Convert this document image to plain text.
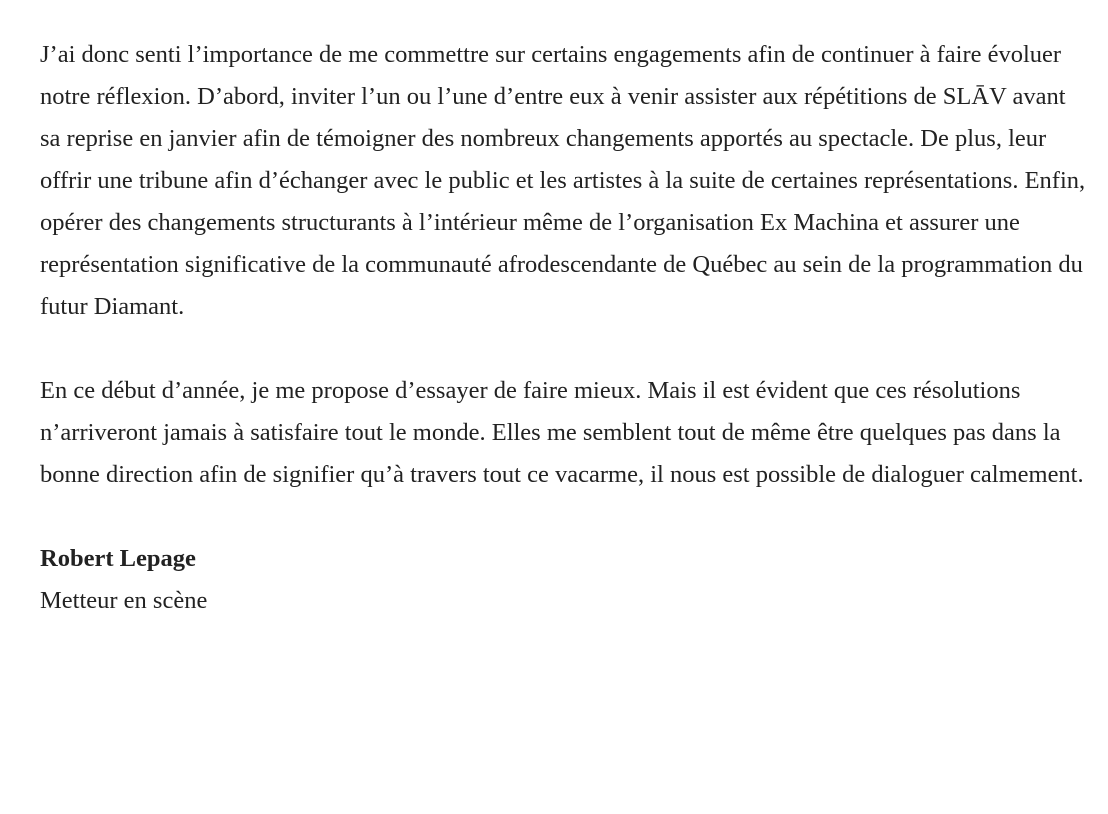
J’ai donc senti l’importance de me commettre sur certains engagements afin de continuer à faire évoluer notre réflexion. D’abord, inviter l’un ou l’une d’entre eux à venir assister aux répétitions de SLĀV avant sa reprise en janvier afin de témoigner des nombreux changements apportés au spectacle. De plus, leur offrir une tribune afin d’échanger avec le public et les artistes à la suite de certaines représentations. Enfin, opérer des changements structurants à l’intérieur même de l’organisation Ex Machina et assurer une représentation significative de la communauté afrodescendante de Québec au sein de la programmation du futur Diamant.

En ce début d’année, je me propose d’essayer de faire mieux. Mais il est évident que ces résolutions n’arriveront jamais à satisfaire tout le monde. Elles me semblent tout de même être quelques pas dans la bonne direction afin de signifier qu’à travers tout ce vacarme, il nous est possible de dialoguer calmement.

Robert Lepage
Metteur en scène
